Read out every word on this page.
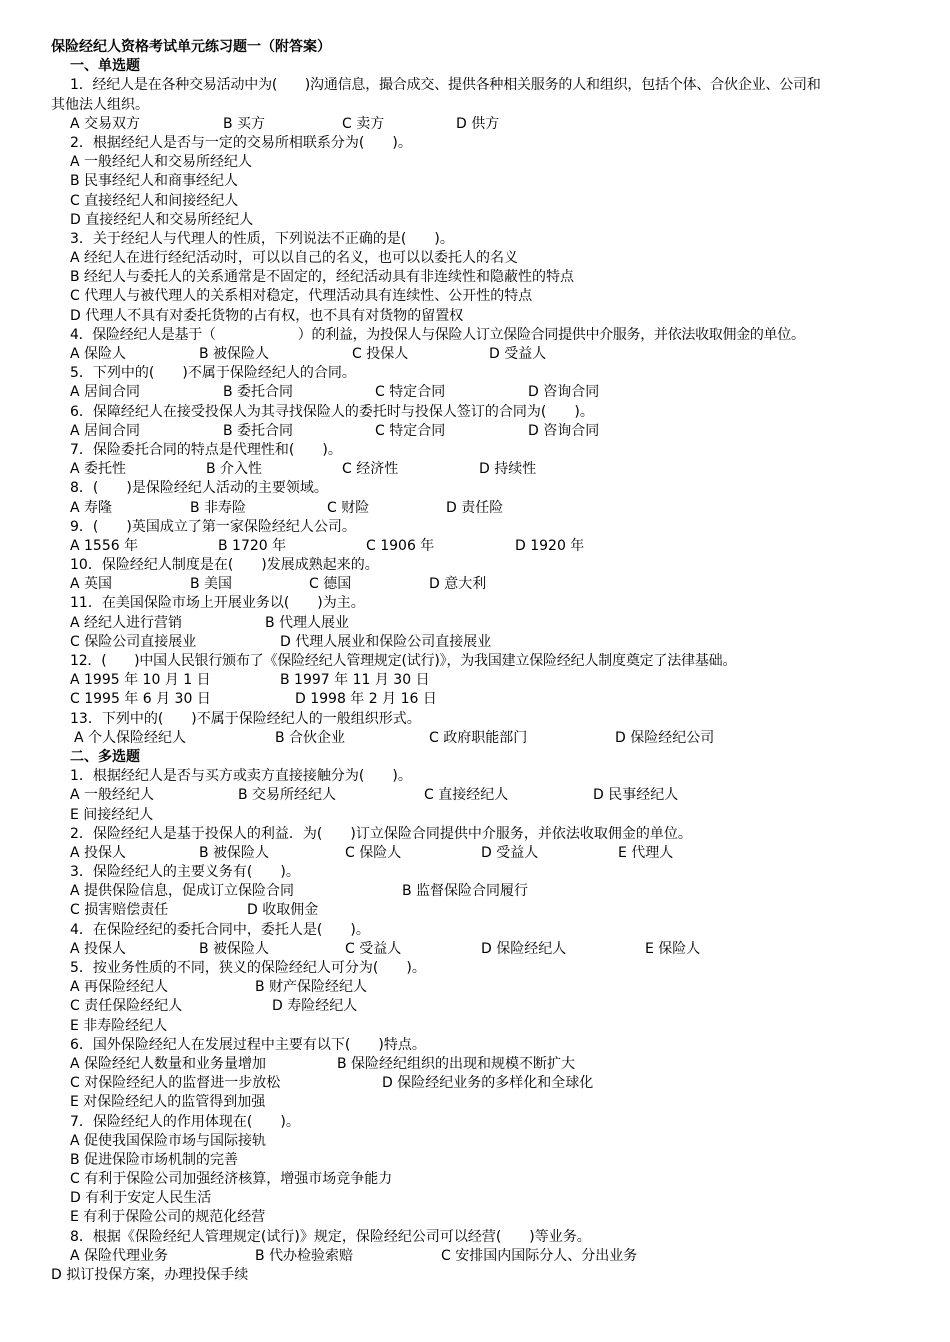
保险经纪人资格考试单元练习题一（附答案）
一、单选题
1．经纪人是在各种交易活动中为(　　)沟通信息，撮合成交、提供各种相关服务的人和组织，包括个体、合伙企业、公司和
其他法人组织。
A 交易双方	B 买方	C 卖方	D 供方
2．根据经纪人是否与一定的交易所相联系分为(　　)。
A 一般经纪人和交易所经纪人
B 民事经纪人和商事经纪人
C 直接经纪人和间接经纪人
D 直接经纪人和交易所经纪人
3．关于经纪人与代理人的性质，下列说法不正确的是(　　)。
A 经纪人在进行经纪活动时，可以以自己的名义，也可以以委托人的名义
B 经纪人与委托人的关系通常是不固定的，经纪活动具有非连续性和隐蔽性的特点
C 代理人与被代理人的关系相对稳定，代理活动具有连续性、公开性的特点
D 代理人不具有对委托货物的占有权，也不具有对货物的留置权
4．保险经纪人是基于（　　　　　　）的利益，为投保人与保险人订立保险合同提供中介服务，并依法收取佣金的单位。
A 保险人	B 被保险人	C 投保人	D 受益人
5．下列中的(　　)不属于保险经纪人的合同。
A 居间合同	B 委托合同	C 特定合同	D 咨询合同
6．保障经纪人在接受投保人为其寻找保险人的委托时与投保人签订的合同为(　　)。
A 居间合同	B 委托合同	C 特定合同	D 咨询合同
7．保险委托合同的特点是代理性和(　　)。
A 委托性	B 介入性	C 经济性	D 持续性
8．(　　)是保险经纪人活动的主要领域。
A 寿隆	B 非寿险	C 财险	D 责任险
9．(　　)英国成立了第一家保险经纪人公司。
A 1556 年	B 1720 年	C 1906 年	D 1920 年
10．保险经纪人制度是在(　　)发展成熟起来的。
A 英国	B 美国	C 德国	D 意大利
11．在美国保险市场上开展业务以(　　)为主。
A 经纪人进行营销	B 代理人展业
C 保险公司直接展业	D 代理人展业和保险公司直接展业
12．(　　)中国人民银行颁布了《保险经纪人管理规定(试行)》，为我国建立保险经纪人制度奠定了法律基础。
A 1995 年 10 月 1 日	B 1997 年 11 月 30 日
C 1995 年 6 月 30 日	D 1998 年 2 月 16 日
13．下列中的(　　)不属于保险经纪人的一般组织形式。
A 个人保险经纪人	B 合伙企业	C 政府职能部门	D 保险经纪公司
二、多选题
1．根据经纪人是否与买方或卖方直接接触分为(　　)。
A 一般经纪人	B 交易所经纪人	C 直接经纪人	D 民事经纪人
E 间接经纪人
2．保险经纪人是基于投保人的利益．为(　　)订立保险合同提供中介服务，并依法收取佣金的单位。
A 投保人	B 被保险人	C 保险人	D 受益人	E 代理人
3．保险经纪人的主要义务有(　　)。
A 提供保险信息，促成订立保险合同	B 监督保险合同履行
C 损害赔偿责任	D 收取佣金
4．在保险经纪的委托合同中，委托人是(　　)。
A 投保人	B 被保险人	C 受益人	D 保险经纪人	E 保险人
5．按业务性质的不同，狭义的保险经纪人可分为(　　)。
A 再保险经纪人	B 财产保险经纪人
C 责任保险经纪人	D 寿险经纪人
E 非寿险经纪人
6．国外保险经纪人在发展过程中主要有以下(　　)特点。
A 保险经纪人数量和业务量增加	B 保险经纪组织的出现和规模不断扩大
C 对保险经纪人的监督进一步放松	D 保险经纪业务的多样化和全球化
E 对保险经纪人的监管得到加强
7．保险经纪人的作用体现在(　　)。
A 促使我国保险市场与国际接轨
B 促进保险市场机制的完善
C 有利于保险公司加强经济核算，增强市场竞争能力
D 有利于安定人民生活
E 有利于保险公司的规范化经营
8．根据《保险经纪人管理规定(试行)》规定，保险经纪公司可以经营(　　)等业务。
A 保险代理业务	B 代办检验索赔	C 安排国内国际分人、分出业务
D 拟订投保方案，办理投保手续
